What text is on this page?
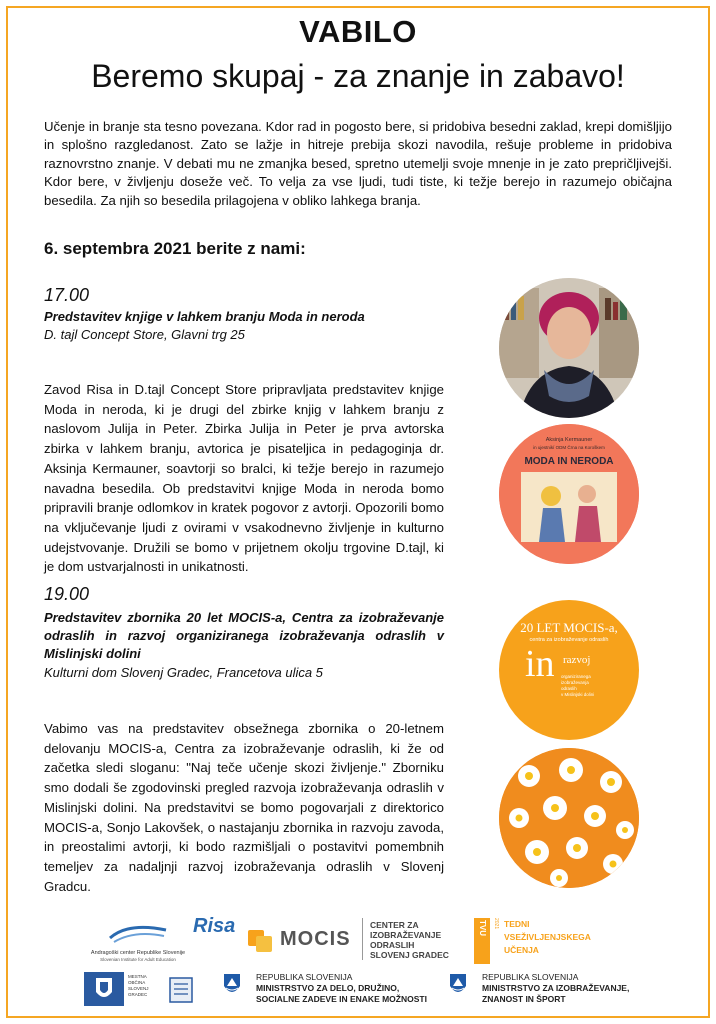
VABILO
Beremo skupaj - za znanje in zabavo!

Učenje in branje sta tesno povezana. Kdor rad in pogosto bere, si pridobiva besedni zaklad, krepi domišljijo in splošno razgledanost. Zato se lažje in hitreje prebija skozi navodila, rešuje probleme in pridobiva raznovrstno znanje. V debati mu ne zmanjka besed, spretno utemelji svoje mnenje in je zato prepričljivejši. Kdor bere, v življenju doseže več. To velja za vse ljudi, tudi tiste, ki težje berejo in razumejo običajna besedila. Za njih so besedila prilagojena v obliko lahkega branja.

6. septembra 2021 berite z nami:
17.00
Predstavitev knjige v lahkem branju Moda in neroda
D. tajl Concept Store, Glavni trg 25

Zavod Risa in D.tajl Concept Store pripravljata predstavitev knjige Moda in neroda, ki je drugi del zbirke knjig v lahkem branju z naslovom Julija in Peter. Zbirka Julija in Peter je prva avtorska zbirka v lahkem branju, avtorica je pisateljica in pedagoginja dr. Aksinja Kermauner, soavtorji so bralci, ki težje berejo in razumejo navadna besedila. Ob predstavitvi knjige Moda in neroda bomo pripravili branje odlomkov in kratek pogovor z avtorji. Opozorili bomo na vključevanje ljudi z ovirami v vsakodnevno življenje in kulturno udejstvovanje. Družili se bomo v prijetnem okolju trgovine D.tajl, ki je dom ustvarjalnosti in unikatnosti.

19.00
Predstavitev zbornika 20 let MOCIS-a, Centra za izobraževanje odraslih in razvoj organiziranega izobraževanja odraslih v Mislinjski dolini
Kulturni dom Slovenj Gradec, Francetova ulica 5

Vabimo vas na predstavitev obsežnega zbornika o 20-letnem delovanju MOCIS-a, Centra za izobraževanje odraslih, ki že od začetka sledi sloganu: "Naj teče učenje skozi življenje." Zborniku smo dodali še zgodovinski pregled razvoja izobraževanja odraslih v Mislinjski dolini. Na predstavitvi se bomo pogovarjali z direktorico MOCIS-a, Sonjo Lakovšek, o nastajanju zbornika in razvoju zavoda, in preostalimi avtorji, ki bodo razmišljali o postavitvi pomembnih temeljev za nadaljnji razvoj izobraževanja odraslih v Slovenj Gradcu.

Aksinja Kermauner
in ujestnikí ODM Črna na Koroškem
MODA IN NERODA
20 LET MOCIS-a,
centra za izobraževanje odraslih
in razvoj
organiziranega
izobraževanja
odraslih
v Mislinjski dolini
Andragoški center Republike Slovenije
Slovenian Institute for Adult Education
Risa
MOCIS
CENTER ZA
IZOBRAŽEVANJE
ODRASLIH
SLOVENJ GRADEC
TVU	2021 TEDNI
VSEŽIVLJENJSKEGA
UČENJA
MESTNA
OBČINA
SLOVENJ
GRADEC
REPUBLIKA SLOVENIJA
MINISTRSTVO ZA DELO, DRUŽINO,
SOCIALNE ZADEVE IN ENAKE MOŽNOSTI
REPUBLIKA SLOVENIJA
MINISTRSTVO ZA IZOBRAŽEVANJE,
ZNANOST IN ŠPORT
